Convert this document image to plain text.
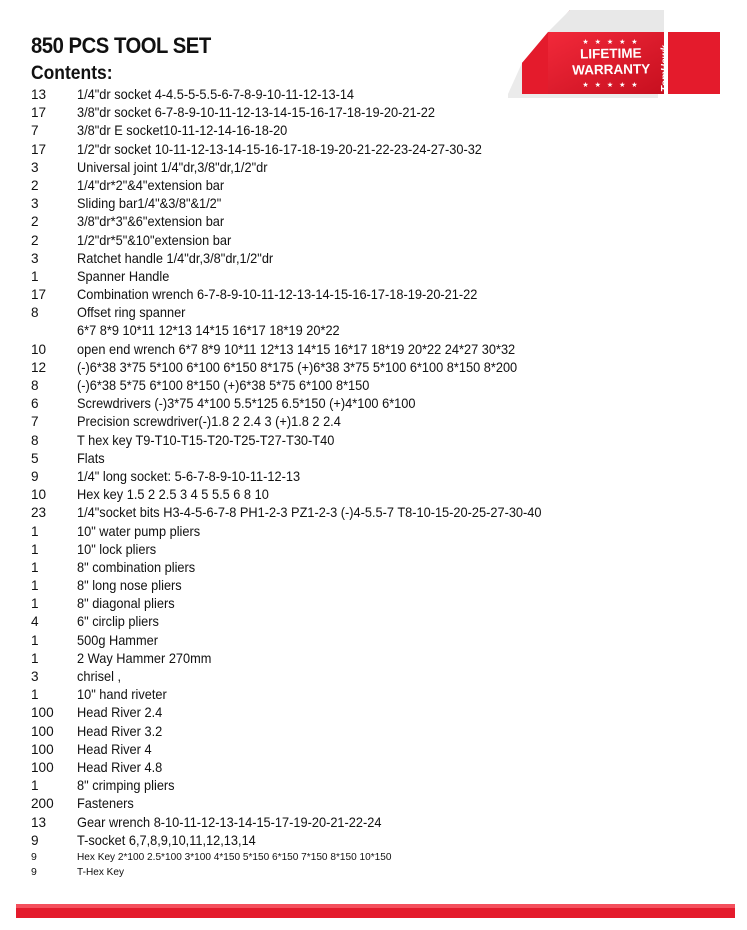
850 PCS TOOL SET
Contents:
★ ★ ★ ★ ★
LIFETIME
WARRANTY
★ ★ ★ ★ ★	TomHawk
13 1/4"dr socket 4-4.5-5-5.5-6-7-8-9-10-11-12-13-14
17 3/8"dr socket 6-7-8-9-10-11-12-13-14-15-16-17-18-19-20-21-22
7	3/8"dr E socket10-11-12-14-16-18-20
17 1/2"dr socket 10-11-12-13-14-15-16-17-18-19-20-21-22-23-24-27-30-32
3	Universal joint 1/4"dr,3/8"dr,1/2"dr
2	1/4"dr*2"&4"extension bar
3	Sliding bar1/4"&3/8"&1/2"
2	3/8"dr*3"&6"extension bar
2	1/2"dr*5"&10"extension bar
3	Ratchet handle 1/4"dr,3/8"dr,1/2"dr
1	Spanner Handle
17 Combination wrench 6-7-8-9-10-11-12-13-14-15-16-17-18-19-20-21-22
8	Offset ring spanner
6*7 8*9 10*11 12*13 14*15 16*17 18*19 20*22
10 open end wrench 6*7 8*9 10*11 12*13 14*15 16*17 18*19 20*22 24*27 30*32
12 (-)6*38 3*75 5*100 6*100 6*150 8*175 (+)6*38 3*75 5*100 6*100 8*150 8*200
8	(-)6*38 5*75 6*100 8*150 (+)6*38 5*75 6*100 8*150
6	Screwdrivers (-)3*75 4*100 5.5*125 6.5*150 (+)4*100 6*100
7	Precision screwdriver(-)1.8 2 2.4 3 (+)1.8 2 2.4
8	T hex key T9-T10-T15-T20-T25-T27-T30-T40
5	Flats
9	1/4" long socket: 5-6-7-8-9-10-11-12-13
10 Hex key 1.5 2 2.5 3 4 5 5.5 6 8 10
23 1/4"socket bits H3-4-5-6-7-8 PH1-2-3 PZ1-2-3 (-)4-5.5-7 T8-10-15-20-25-27-30-40
1	10" water pump pliers
1	10" lock pliers
1	8" combination pliers
1	8" long nose pliers
1	8" diagonal pliers
4	6" circlip pliers
1	500g Hammer
1	2 Way Hammer 270mm
3	chrisel ,
1	10" hand riveter
100 Head River 2.4
100 Head River 3.2
100 Head River 4
100 Head River 4.8
1	8" crimping pliers
200 Fasteners
13 Gear wrench 8-10-11-12-13-14-15-17-19-20-21-22-24
9	T-socket 6,7,8,9,10,11,12,13,14
9	Hex Key 2*100 2.5*100 3*100 4*150 5*150 6*150 7*150 8*150 10*150
9	T-Hex Key
